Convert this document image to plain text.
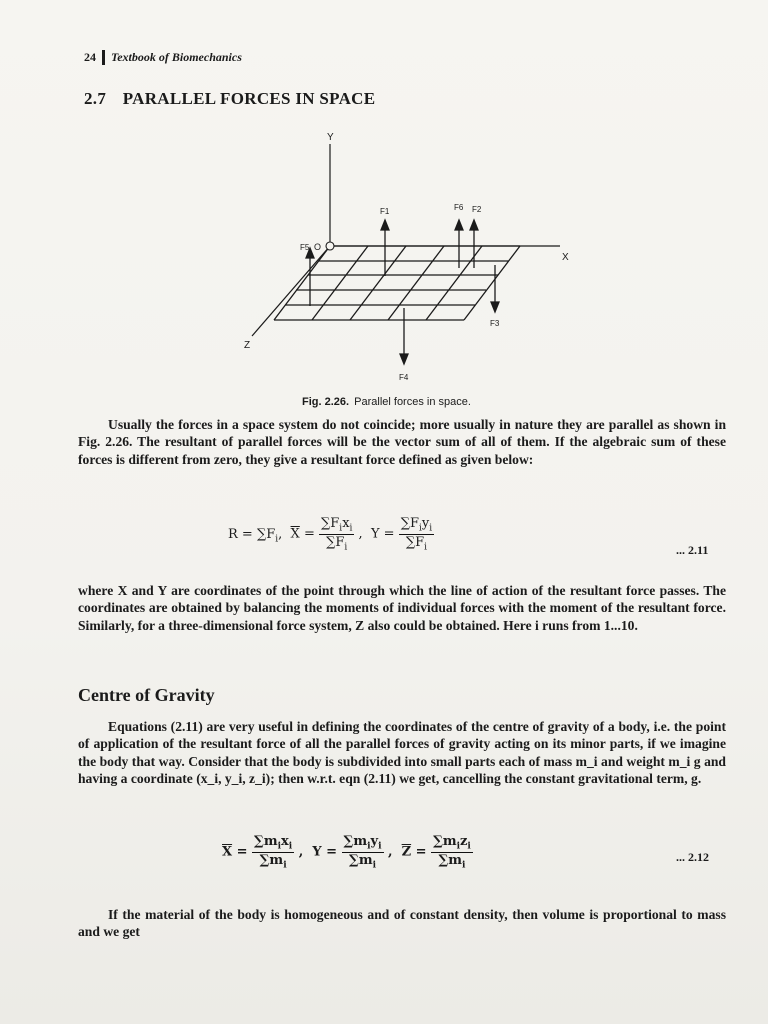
24 Textbook of Biomechanics
2.7 PARALLEL FORCES IN SPACE
Y
X
Z
O
F5
F1	F6 F2
F3
F4
Fig. 2.26. Parallel forces in space.

Usually the forces in a space system do not coincide; more usually in nature they are parallel as shown in Fig. 2.26. The resultant of parallel forces will be the vector sum of all of them. If the algebraic sum of these forces is different from zero, they give a resultant force defined as given below:

$R = \sum F_i$, $\overline{X} = \frac{\sum F_ix_i}{\sum F_i}$ ,  $Y = \frac{\sum F_iy_i}{\sum F_i}$	... 2.11

where X and Y are coordinates of the point through which the line of action of the resultant force passes. The coordinates are obtained by balancing the moments of individual forces with the moment of the resultant force. Similarly, for a three-dimensional force system, Z also could be obtained. Here i runs from 1...10.

Centre of Gravity

Equations (2.11) are very useful in defining the coordinates of the centre of gravity of a body, i.e. the point of application of the resultant force of all the parallel forces of gravity acting on its minor parts, if we imagine the body that way. Consider that the body is subdivided into small parts each of mass m_i and weight m_i g and having a coordinate (x_i, y_i, z_i); then w.r.t. eqn (2.11) we get, cancelling the constant gravitational term, g.

$\overline{X} = \frac{\sum m_ix_i}{\sum m_i}$ ,  $Y = \frac{\sum m_iy_i}{\sum m_i}$ ,  $\overline{Z} = \frac{\sum m_iz_i}{\sum m_i}$	... 2.12

If the material of the body is homogeneous and of constant density, then volume is proportional to mass and we get
